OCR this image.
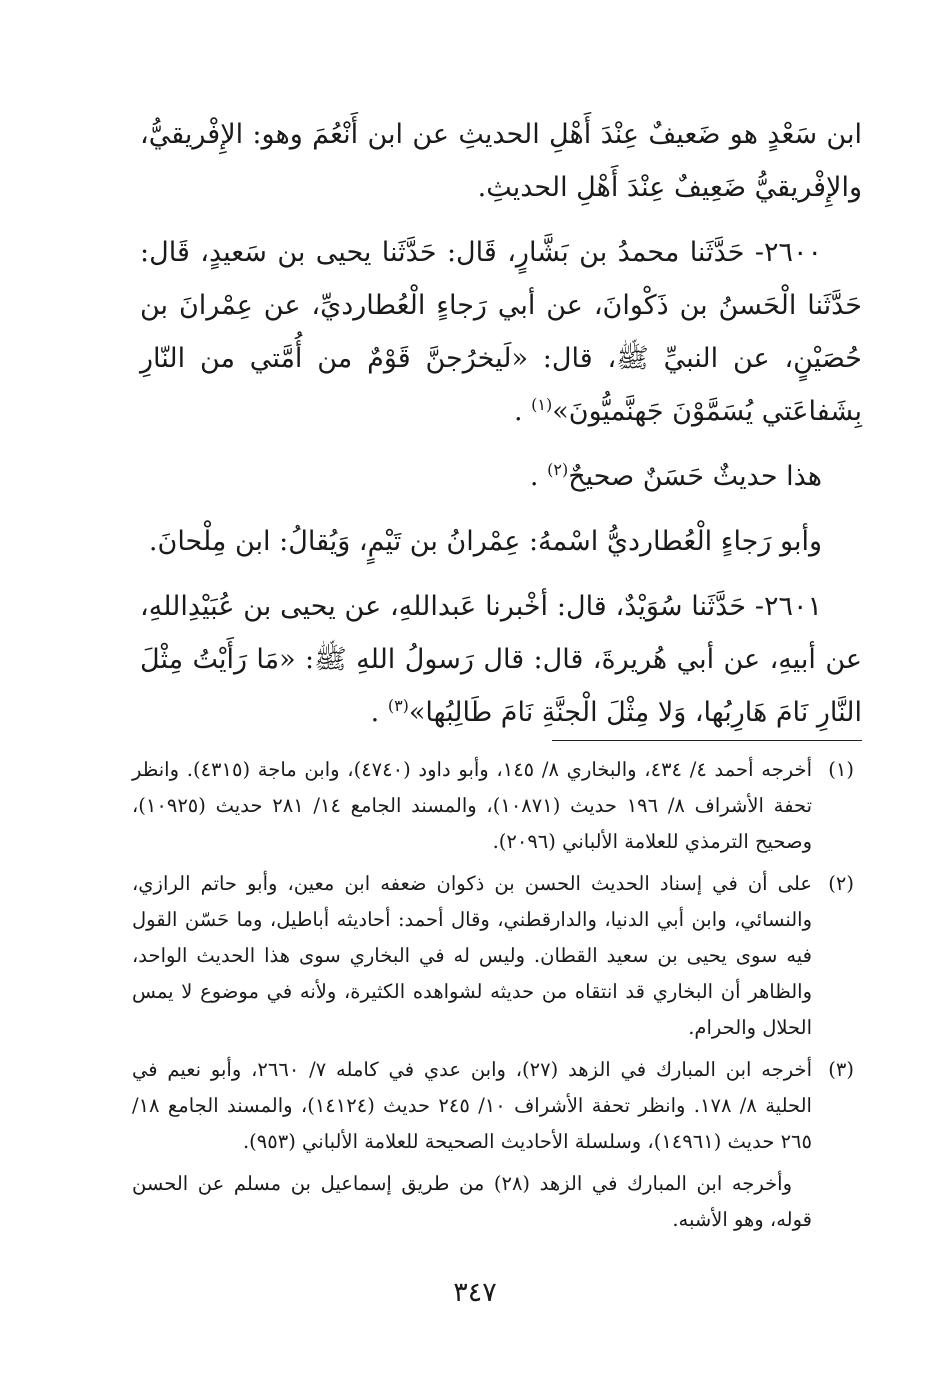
ابن سَعْدٍ هو ضَعيفٌ عِنْدَ أَهْلِ الحديثِ عن ابن أَنْعُمَ وهو: الإِفْريقيُّ، والإِفْريقيُّ ضَعِيفٌ عِنْدَ أَهْلِ الحديثِ.

٢٦٠٠- حَدَّثَنا محمدُ بن بَشَّارٍ، قَال: حَدَّثَنا يحيى بن سَعيدٍ، قَال: حَدَّثَنا الْحَسنُ بن ذَكْوانَ، عن أبي رَجاءٍ الْعُطارديِّ، عن عِمْرانَ بن حُصَيْنٍ، عن النبيِّ ﷺ، قال: «لَيخرُجنَّ قَوْمٌ من أُمَّتي من النّارِ بِشَفاعَتي يُسَمَّوْنَ جَهنَّميُّونَ»$^{(١)}$ .

هذا حديثٌ حَسَنٌ صحيحٌ$^{(٢)}$ .

وأبو رَجاءٍ الْعُطارديُّ اسْمهُ: عِمْرانُ بن تَيْمٍ، وَيُقالُ: ابن مِلْحانَ.

٢٦٠١- حَدَّثَنا سُوَيْدٌ، قال: أخْبرنا عَبداللهِ، عن يحيى بن عُبَيْدِاللهِ، عن أبيهِ، عن أبي هُريرةَ، قال: قال رَسولُ اللهِ ﷺ: «مَا رَأَيْتُ مِثْلَ النَّارِ نَامَ هَارِبُها، وَلا مِثْلَ الْجنَّةِ نَامَ طَالِبُها»$^{(٣)}$ .

(١)
أخرجه أحمد ٤/ ٤٣٤، والبخاري ٨/ ١٤٥، وأبو داود (٤٧٤٠)، وابن ماجة (٤٣١٥). وانظر تحفة الأشراف ٨/ ١٩٦ حديث (١٠٨٧١)، والمسند الجامع ١٤/ ٢٨١ حديث (١٠٩٢٥)، وصحيح الترمذي للعلامة الألباني (٢٠٩٦).
(٢)
على أن في إسناد الحديث الحسن بن ذكوان ضعفه ابن معين، وأبو حاتم الرازي، والنسائي، وابن أبي الدنيا، والدارقطني، وقال أحمد: أحاديثه أباطيل، وما حَسّن القول فيه سوى يحيى بن سعيد القطان. وليس له في البخاري سوى هذا الحديث الواحد، والظاهر أن البخاري قد انتقاه من حديثه لشواهده الكثيرة، ولأنه في موضوع لا يمس الحلال والحرام.
(٣)
أخرجه ابن المبارك في الزهد (٢٧)، وابن عدي في كامله ٧/ ٢٦٦٠، وأبو نعيم في الحلية ٨/ ١٧٨. وانظر تحفة الأشراف ١٠/ ٢٤٥ حديث (١٤١٢٤)، والمسند الجامع ١٨/ ٢٦٥ حديث (١٤٩٦١)، وسلسلة الأحاديث الصحيحة للعلامة الألباني (٩٥٣).
وأخرجه ابن المبارك في الزهد (٢٨) من طريق إسماعيل بن مسلم عن الحسن قوله، وهو الأشبه.
٣٤٧
